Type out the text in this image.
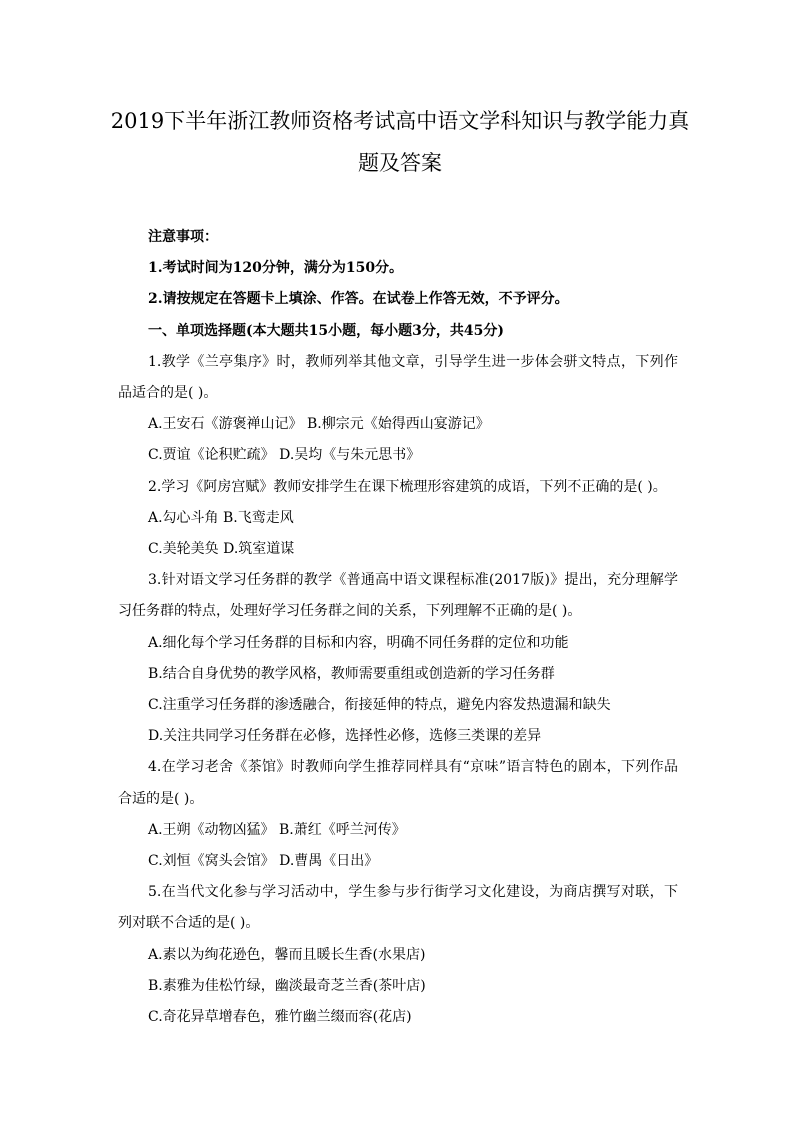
2019下半年浙江教师资格考试高中语文学科知识与教学能力真题及答案

注意事项：

1.考试时间为120分钟，满分为150分。

2.请按规定在答题卡上填涂、作答。在试卷上作答无效，不予评分。

一、单项选择题(本大题共15小题，每小题3分，共45分)

1.教学《兰亭集序》时，教师列举其他文章，引导学生进一步体会骈文特点，下列作品适合的是( )。

A.王安石《游褒禅山记》 B.柳宗元《始得西山宴游记》

C.贾谊《论积贮疏》 D.吴均《与朱元思书》

2.学习《阿房宫赋》教师安排学生在课下梳理形容建筑的成语，下列不正确的是( )。

A.勾心斗角 B.飞鸾走风

C.美轮美奂 D.筑室道谋

3.针对语文学习任务群的教学《普通高中语文课程标准(2017版)》提出，充分理解学习任务群的特点，处理好学习任务群之间的关系，下列理解不正确的是( )。

A.细化每个学习任务群的目标和内容，明确不同任务群的定位和功能

B.结合自身优势的教学风格，教师需要重组或创造新的学习任务群

C.注重学习任务群的渗透融合，衔接延伸的特点，避免内容发热遗漏和缺失

D.关注共同学习任务群在必修，选择性必修，选修三类课的差异

4.在学习老舍《茶馆》时教师向学生推荐同样具有“京味”语言特色的剧本，下列作品合适的是( )。

A.王朔《动物凶猛》 B.萧红《呼兰河传》

C.刘恒《窝头会馆》 D.曹禺《日出》

5.在当代文化参与学习活动中，学生参与步行街学习文化建设，为商店撰写对联，下列对联不合适的是( )。

A.素以为绚花逊色，馨而且暖长生香(水果店)

B.素雅为佳松竹绿，幽淡最奇芝兰香(茶叶店)

C.奇花异草增春色，雅竹幽兰缀而容(花店)
